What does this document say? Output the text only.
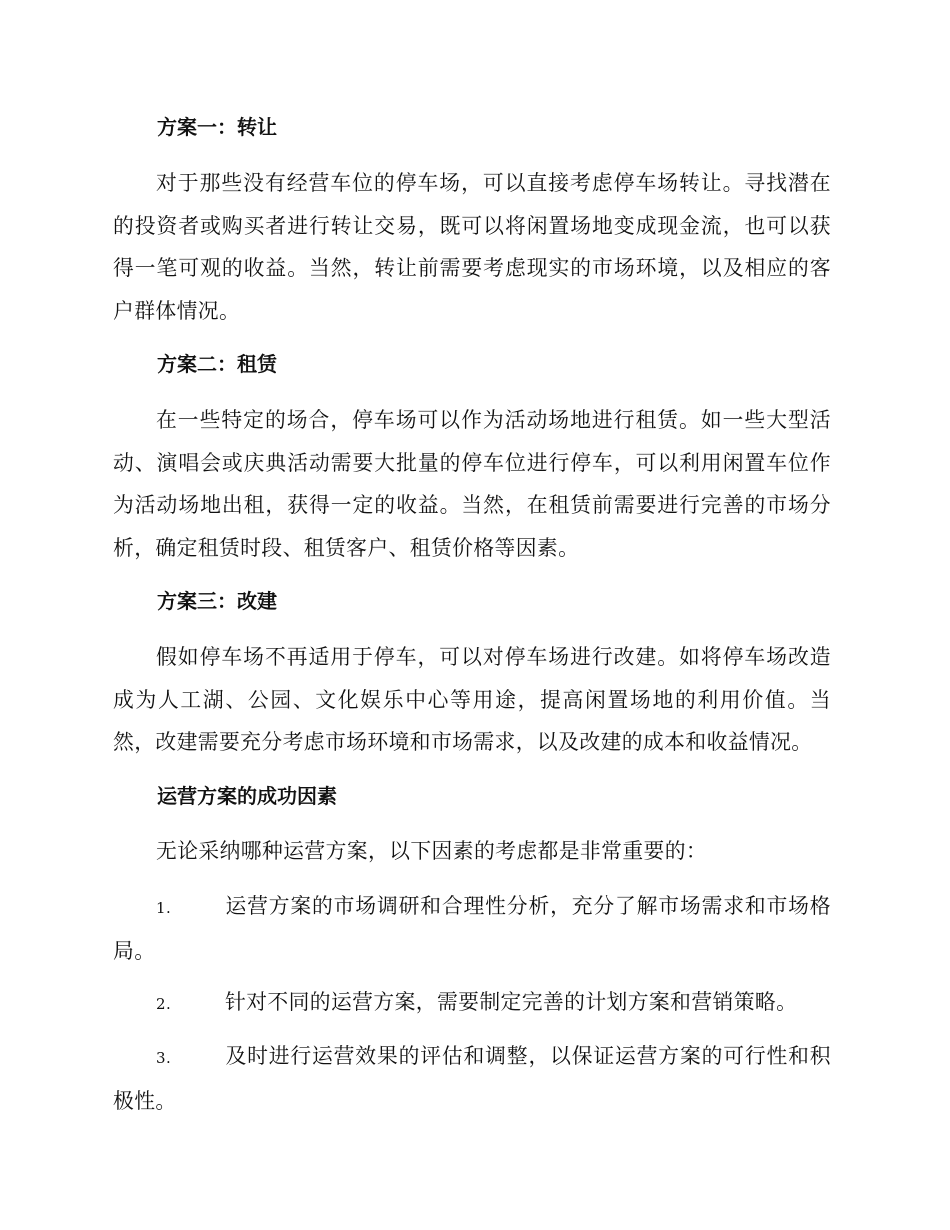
方案一：转让
对于那些没有经营车位的停车场，可以直接考虑停车场转让。寻找潜在的投资者或购买者进行转让交易，既可以将闲置场地变成现金流，也可以获得一笔可观的收益。当然，转让前需要考虑现实的市场环境，以及相应的客户群体情况。
方案二：租赁
在一些特定的场合，停车场可以作为活动场地进行租赁。如一些大型活动、演唱会或庆典活动需要大批量的停车位进行停车，可以利用闲置车位作为活动场地出租，获得一定的收益。当然，在租赁前需要进行完善的市场分析，确定租赁时段、租赁客户、租赁价格等因素。
方案三：改建
假如停车场不再适用于停车，可以对停车场进行改建。如将停车场改造成为人工湖、公园、文化娱乐中心等用途，提高闲置场地的利用价值。当然，改建需要充分考虑市场环境和市场需求，以及改建的成本和收益情况。
运营方案的成功因素
无论采纳哪种运营方案，以下因素的考虑都是非常重要的：
1.	运营方案的市场调研和合理性分析，充分了解市场需求和市场格局。
2.	针对不同的运营方案，需要制定完善的计划方案和营销策略。
3.	及时进行运营效果的评估和调整，以保证运营方案的可行性和积极性。
